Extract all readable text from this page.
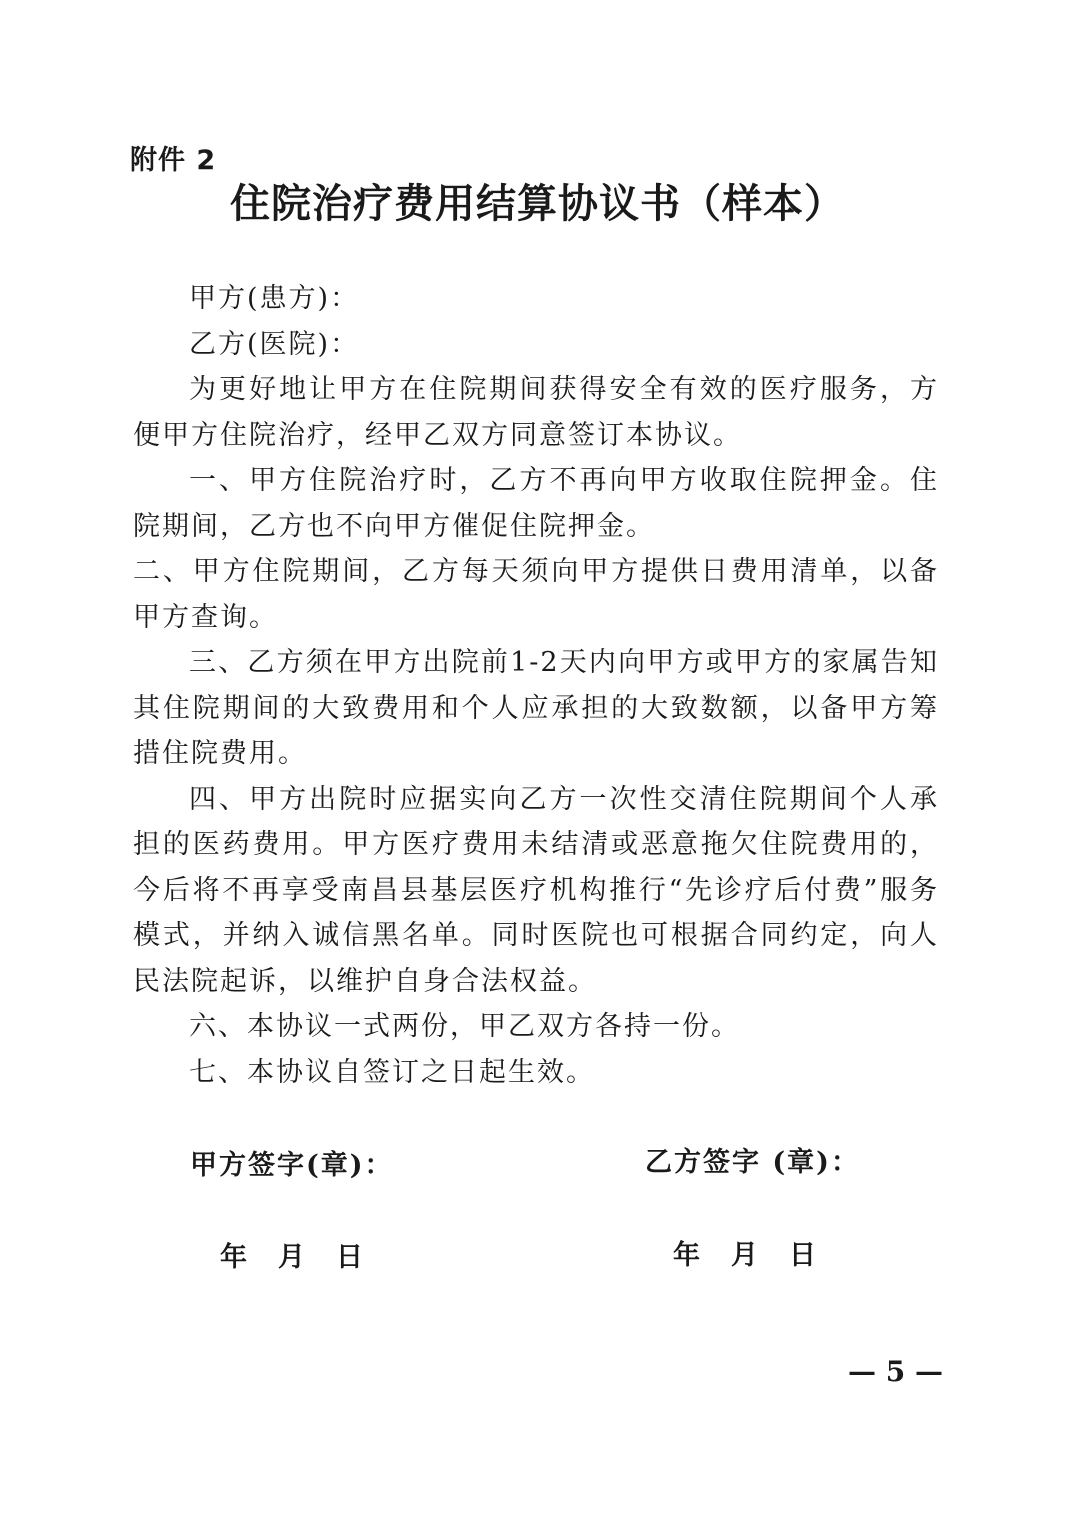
附件 2
住院治疗费用结算协议书（样本）

甲方(患方)：

乙方(医院)：

为更好地让甲方在住院期间获得安全有效的医疗服务，方便甲方住院治疗，经甲乙双方同意签订本协议。

一、甲方住院治疗时，乙方不再向甲方收取住院押金。住院期间，乙方也不向甲方催促住院押金。

二、甲方住院期间，乙方每天须向甲方提供日费用清单，以备甲方查询。

三、乙方须在甲方出院前1-2天内向甲方或甲方的家属告知其住院期间的大致费用和个人应承担的大致数额，以备甲方筹措住院费用。

四、甲方出院时应据实向乙方一次性交清住院期间个人承担的医药费用。甲方医疗费用未结清或恶意拖欠住院费用的，今后将不再享受南昌县基层医疗机构推行“先诊疗后付费”服务模式，并纳入诚信黑名单。同时医院也可根据合同约定，向人民法院起诉，以维护自身合法权益。

六、本协议一式两份，甲乙双方各持一份。

七、本协议自签订之日起生效。

甲方签字(章)：	乙方签字 (章)：
年 月 日	年 月 日
— 5 —
